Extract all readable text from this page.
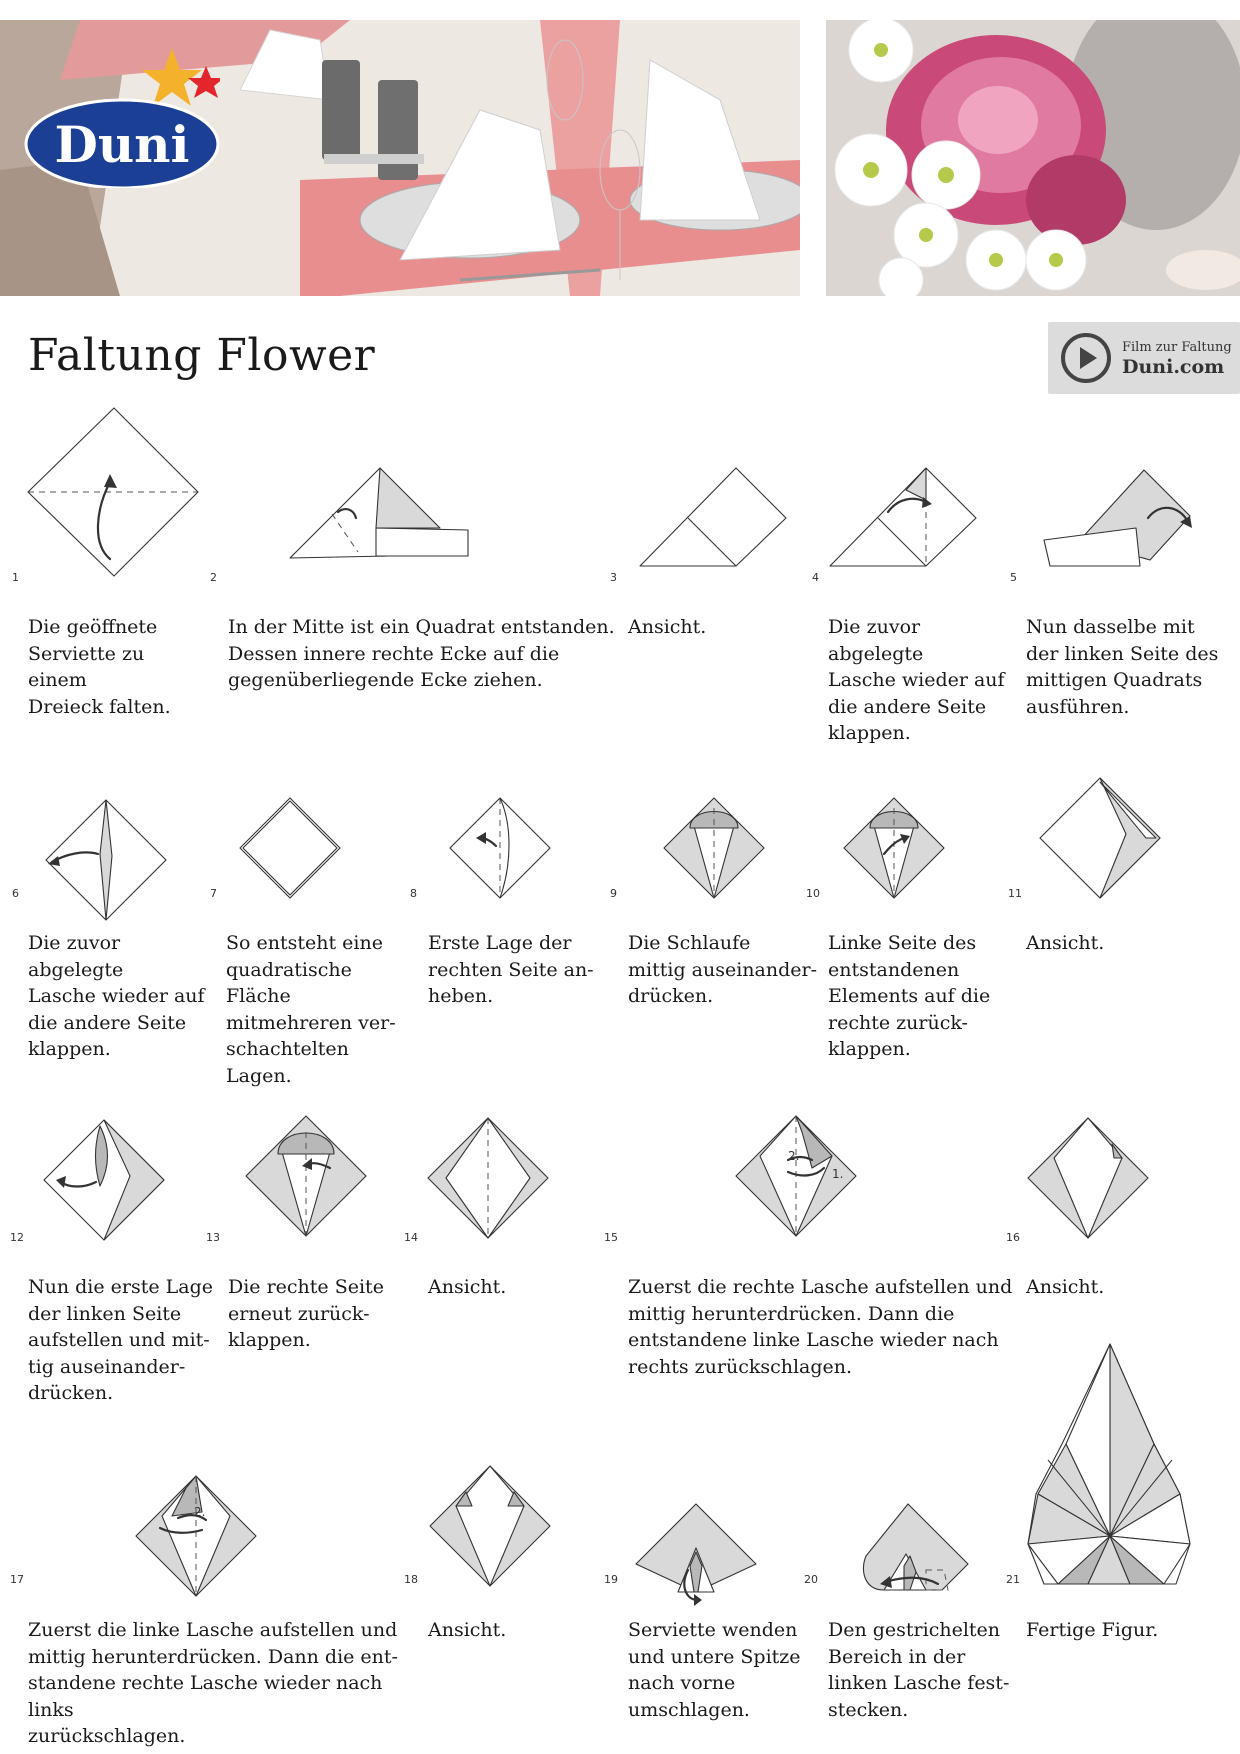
Duni
Faltung Flower	Film zur Faltung
Duni.com
1	2	3	4	5
Die geöffnete
Serviette zu einem
Dreieck falten.
In der Mitte ist ein Quadrat entstanden.
Dessen innere rechte Ecke auf die
gegenüberliegende Ecke ziehen.
Ansicht.	Die zuvor abgelegte
Lasche wieder auf
die andere Seite
klappen.
Nun dasselbe mit
der linken Seite des
mittigen Quadrats
ausführen.
6	7	8	9	10	11
Die zuvor abgelegte
Lasche wieder auf
die andere Seite
klappen.
So entsteht eine
quadratische Fläche
mitmehreren ver-
schachtelten Lagen.
Erste Lage der
rechten Seite an-
heben.
Die Schlaufe
mittig auseinander-
drücken.
Linke Seite des
entstandenen
Elements auf die
rechte zurück-
klappen.
Ansicht.
12	13	14
1.
2.
15	16
Nun die erste Lage
der linken Seite
aufstellen und mit-
tig auseinander-
drücken.
Die rechte Seite
erneut zurück-
klappen.
Ansicht.	Zuerst die rechte Lasche aufstellen und
mittig herunterdrücken. Dann die
entstandene linke Lasche wieder nach
rechts zurückschlagen.
Ansicht.
2.
17	18	19	20	21
Zuerst die linke Lasche aufstellen und
mittig herunterdrücken. Dann die ent-
standene rechte Lasche wieder nach links
zurückschlagen.
Ansicht.	Serviette wenden
und untere Spitze
nach vorne
umschlagen.
Den gestrichelten
Bereich in der
linken Lasche fest-
stecken.
Fertige Figur.
